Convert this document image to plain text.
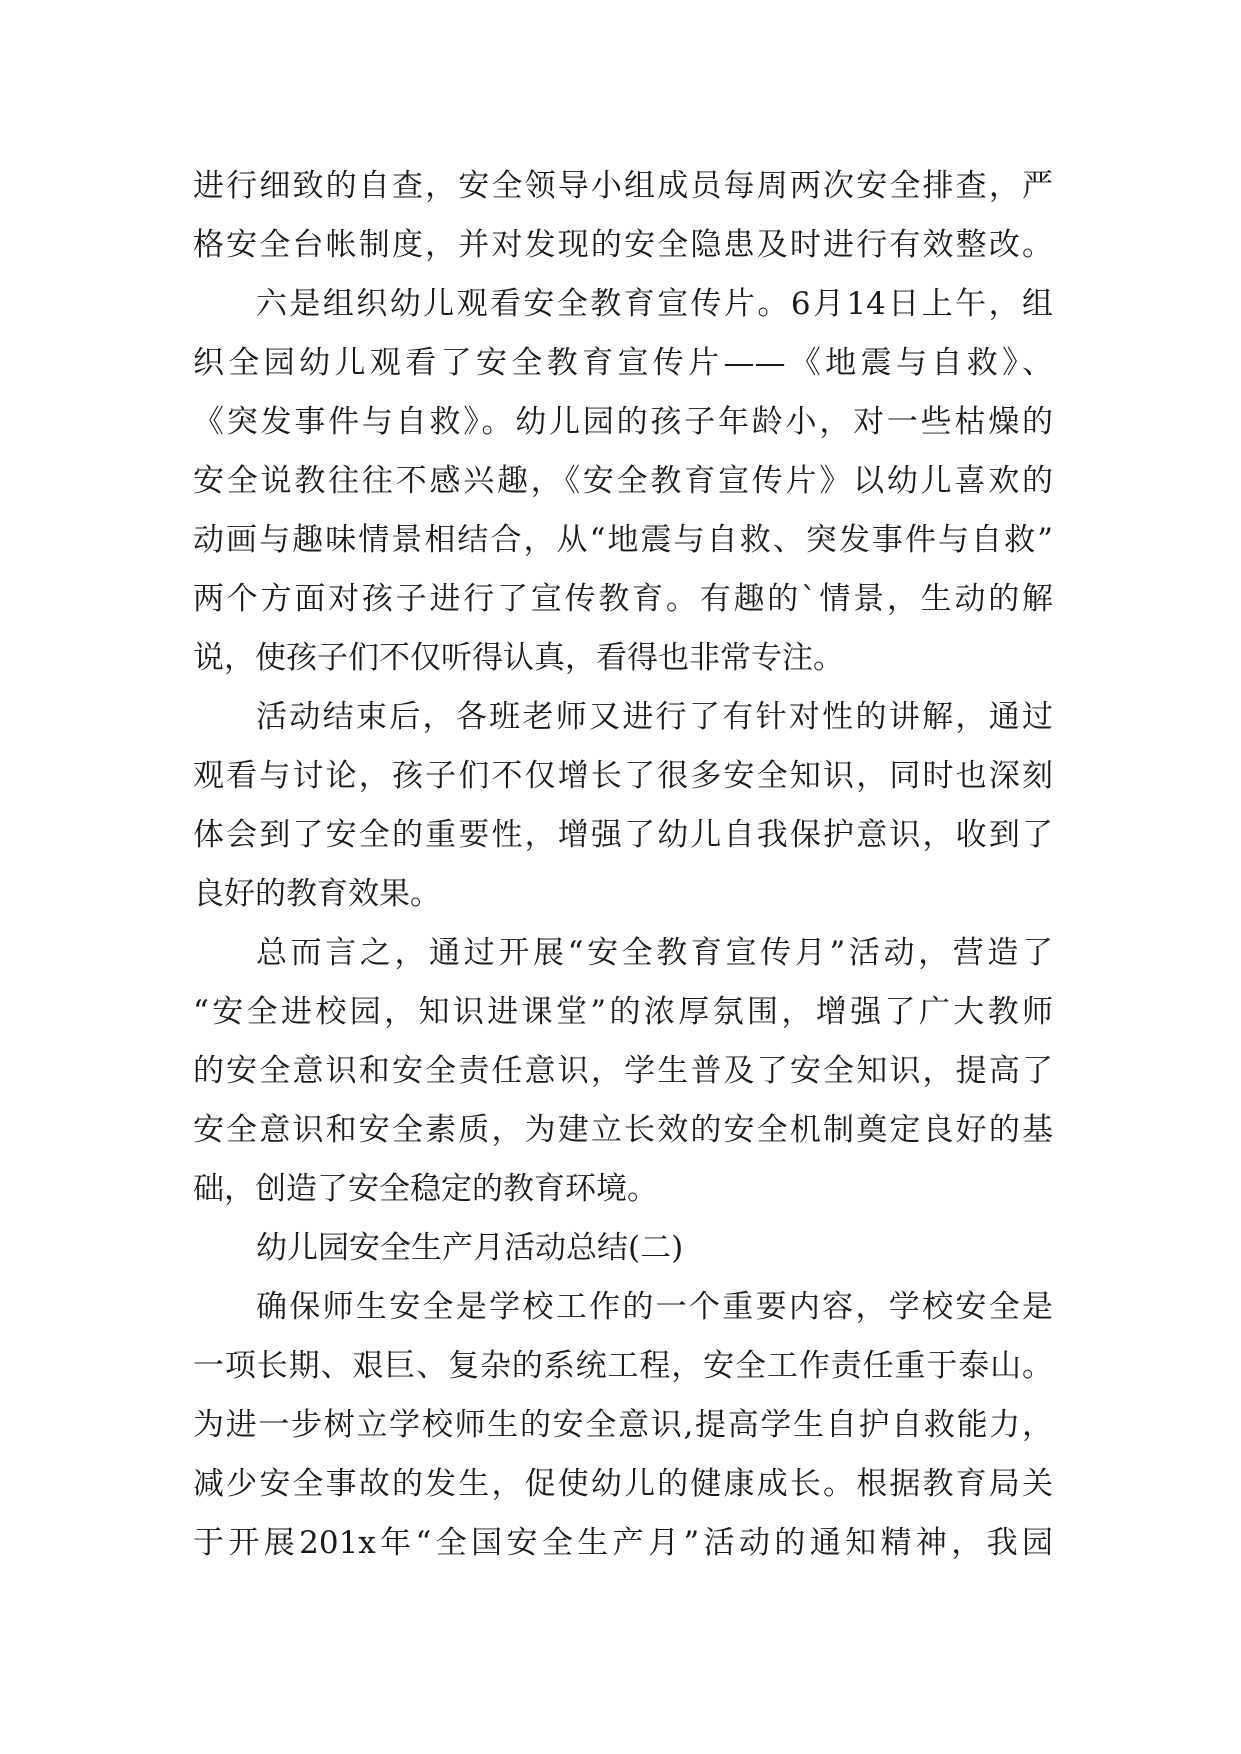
进行细致的自查，安全领导小组成员每周两次安全排查，严
格安全台帐制度，并对发现的安全隐患及时进行有效整改。
六是组织幼儿观看安全教育宣传片。6月14日上午，组
织全园幼儿观看了安全教育宣传片——《地震与自救》、
《突发事件与自救》。幼儿园的孩子年龄小，对一些枯燥的
安全说教往往不感兴趣，《安全教育宣传片》以幼儿喜欢的
动画与趣味情景相结合，从“地震与自救、突发事件与自救”
两个方面对孩子进行了宣传教育。有趣的`情景，生动的解
说，使孩子们不仅听得认真，看得也非常专注。
活动结束后，各班老师又进行了有针对性的讲解，通过
观看与讨论，孩子们不仅增长了很多安全知识，同时也深刻
体会到了安全的重要性，增强了幼儿自我保护意识，收到了
良好的教育效果。
总而言之，通过开展“安全教育宣传月”活动，营造了
“安全进校园，知识进课堂”的浓厚氛围，增强了广大教师
的安全意识和安全责任意识，学生普及了安全知识，提高了
安全意识和安全素质，为建立长效的安全机制奠定良好的基
础，创造了安全稳定的教育环境。
幼儿园安全生产月活动总结(二)
确保师生安全是学校工作的一个重要内容，学校安全是
一项长期、艰巨、复杂的系统工程，安全工作责任重于泰山。
为进一步树立学校师生的安全意识,提高学生自护自救能力，
减少安全事故的发生，促使幼儿的健康成长。根据教育局关
于开展201x年“全国安全生产月”活动的通知精神，我园
